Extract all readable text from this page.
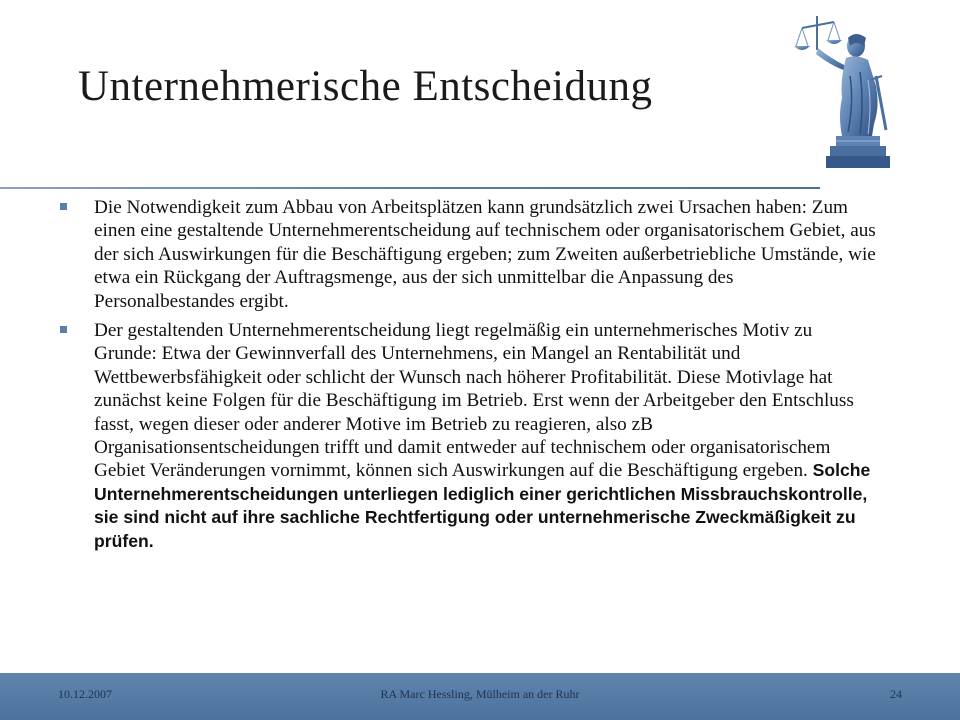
Unternehmerische Entscheidung
Die Notwendigkeit zum Abbau von Arbeitsplätzen kann grundsätzlich zwei Ursachen haben: Zum einen eine gestaltende Unternehmerentscheidung auf technischem oder organisatorischem Gebiet, aus der sich Auswirkungen für die Beschäftigung ergeben; zum Zweiten außerbetriebliche Umstände, wie etwa ein Rückgang der Auftragsmenge, aus der sich unmittelbar die Anpassung des Personalbestandes ergibt.
Der gestaltenden Unternehmerentscheidung liegt regelmäßig ein unternehmerisches Motiv zu Grunde: Etwa der Gewinnverfall des Unternehmens, ein Mangel an Rentabilität und Wettbewerbsfähigkeit oder schlicht der Wunsch nach höherer Profitabilität. Diese Motivlage hat zunächst keine Folgen für die Beschäftigung im Betrieb. Erst wenn der Arbeitgeber den Entschluss fasst, wegen dieser oder anderer Motive im Betrieb zu reagieren, also zB Organisationsentscheidungen trifft und damit entweder auf technischem oder organisatorischem Gebiet Veränderungen vornimmt, können sich Auswirkungen auf die Beschäftigung ergeben. Solche Unternehmerentscheidungen unterliegen lediglich einer gerichtlichen Missbrauchskontrolle, sie sind nicht auf ihre sachliche Rechtfertigung oder unternehmerische Zweckmäßigkeit zu prüfen.
10.12.2007	RA Marc Hessling, Mülheim an der Ruhr	24
